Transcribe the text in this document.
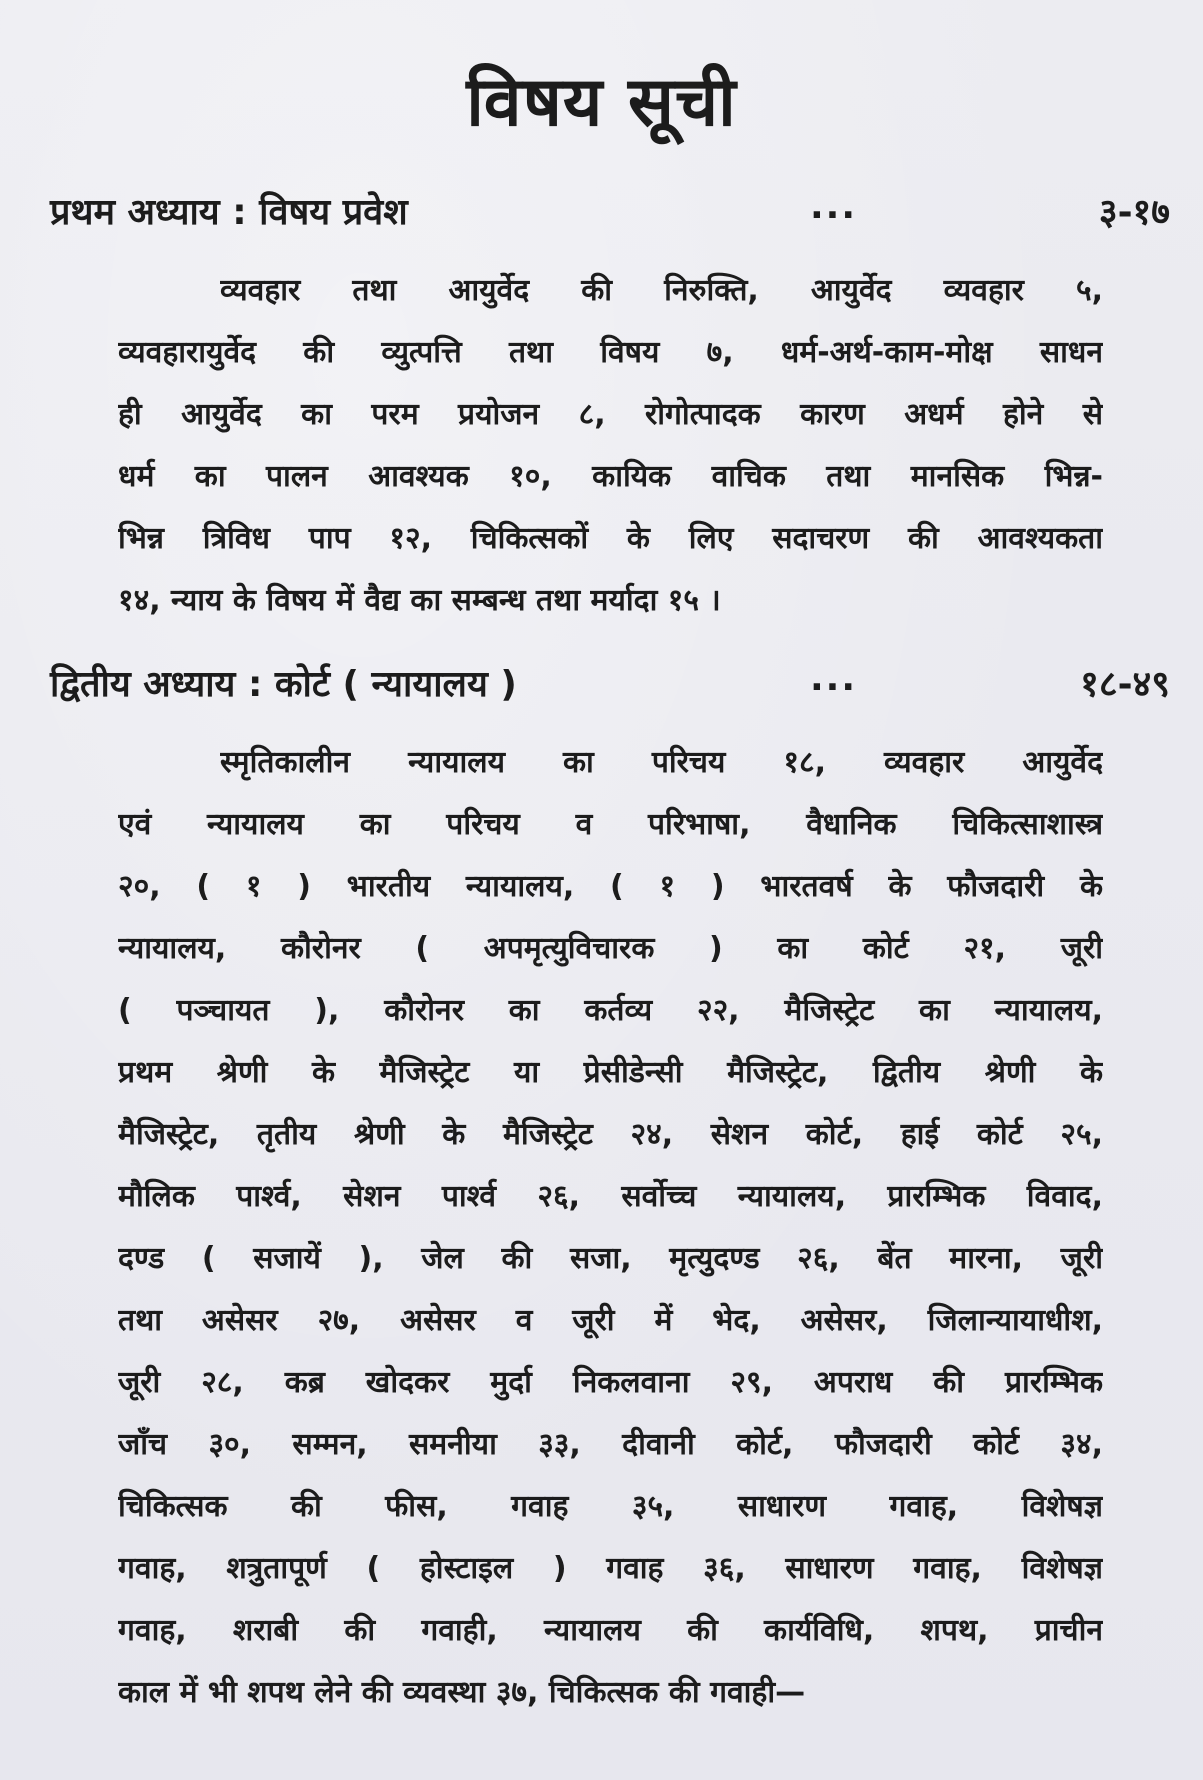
विषय सूची
प्रथम अध्याय : विषय प्रवेश	...	३-१७
व्यवहार तथा आयुर्वेद की निरुक्ति, आयुर्वेद व्यवहार ५,
व्यवहारायुर्वेद की व्युत्पत्ति तथा विषय ७, धर्म-अर्थ-काम-मोक्ष साधन
ही आयुर्वेद का परम प्रयोजन ८, रोगोत्पादक कारण अधर्म होने से
धर्म का पालन आवश्यक १०, कायिक वाचिक तथा मानसिक भिन्न-
भिन्न त्रिविध पाप १२, चिकित्सकों के लिए सदाचरण की आवश्यकता
१४, न्याय के विषय में वैद्य का सम्बन्ध तथा मर्यादा १५ ।
द्वितीय अध्याय : कोर्ट ( न्यायालय )	...	१८-४९
स्मृतिकालीन न्यायालय का परिचय १८, व्यवहार आयुर्वेद
एवं न्यायालय का परिचय व परिभाषा, वैधानिक चिकित्साशास्त्र
२०, ( १ ) भारतीय न्यायालय, ( १ ) भारतवर्ष के फौजदारी के
न्यायालय, कौरोनर ( अपमृत्युविचारक ) का कोर्ट २१, जूरी
( पञ्चायत ), कौरोनर का कर्तव्य २२, मैजिस्ट्रेट का न्यायालय,
प्रथम श्रेणी के मैजिस्ट्रेट या प्रेसीडेन्सी मैजिस्ट्रेट, द्वितीय श्रेणी के
मैजिस्ट्रेट, तृतीय श्रेणी के मैजिस्ट्रेट २४, सेशन कोर्ट, हाई कोर्ट २५,
मौलिक पार्श्व, सेशन पार्श्व २६, सर्वोच्च न्यायालय, प्रारम्भिक विवाद,
दण्ड ( सजायें ), जेल की सजा, मृत्युदण्ड २६, बेंत मारना, जूरी
तथा असेसर २७, असेसर व जूरी में भेद, असेसर, जिलान्यायाधीश,
जूरी २८, कब्र खोदकर मुर्दा निकलवाना २९, अपराध की प्रारम्भिक
जाँच ३०, सम्मन, समनीया ३३, दीवानी कोर्ट, फौजदारी कोर्ट ३४,
चिकित्सक की फीस, गवाह ३५, साधारण गवाह, विशेषज्ञ
गवाह, शत्रुतापूर्ण ( होस्टाइल ) गवाह ३६, साधारण गवाह, विशेषज्ञ
गवाह, शराबी की गवाही, न्यायालय की कार्यविधि, शपथ, प्राचीन
काल में भी शपथ लेने की व्यवस्था ३७, चिकित्सक की गवाही—
